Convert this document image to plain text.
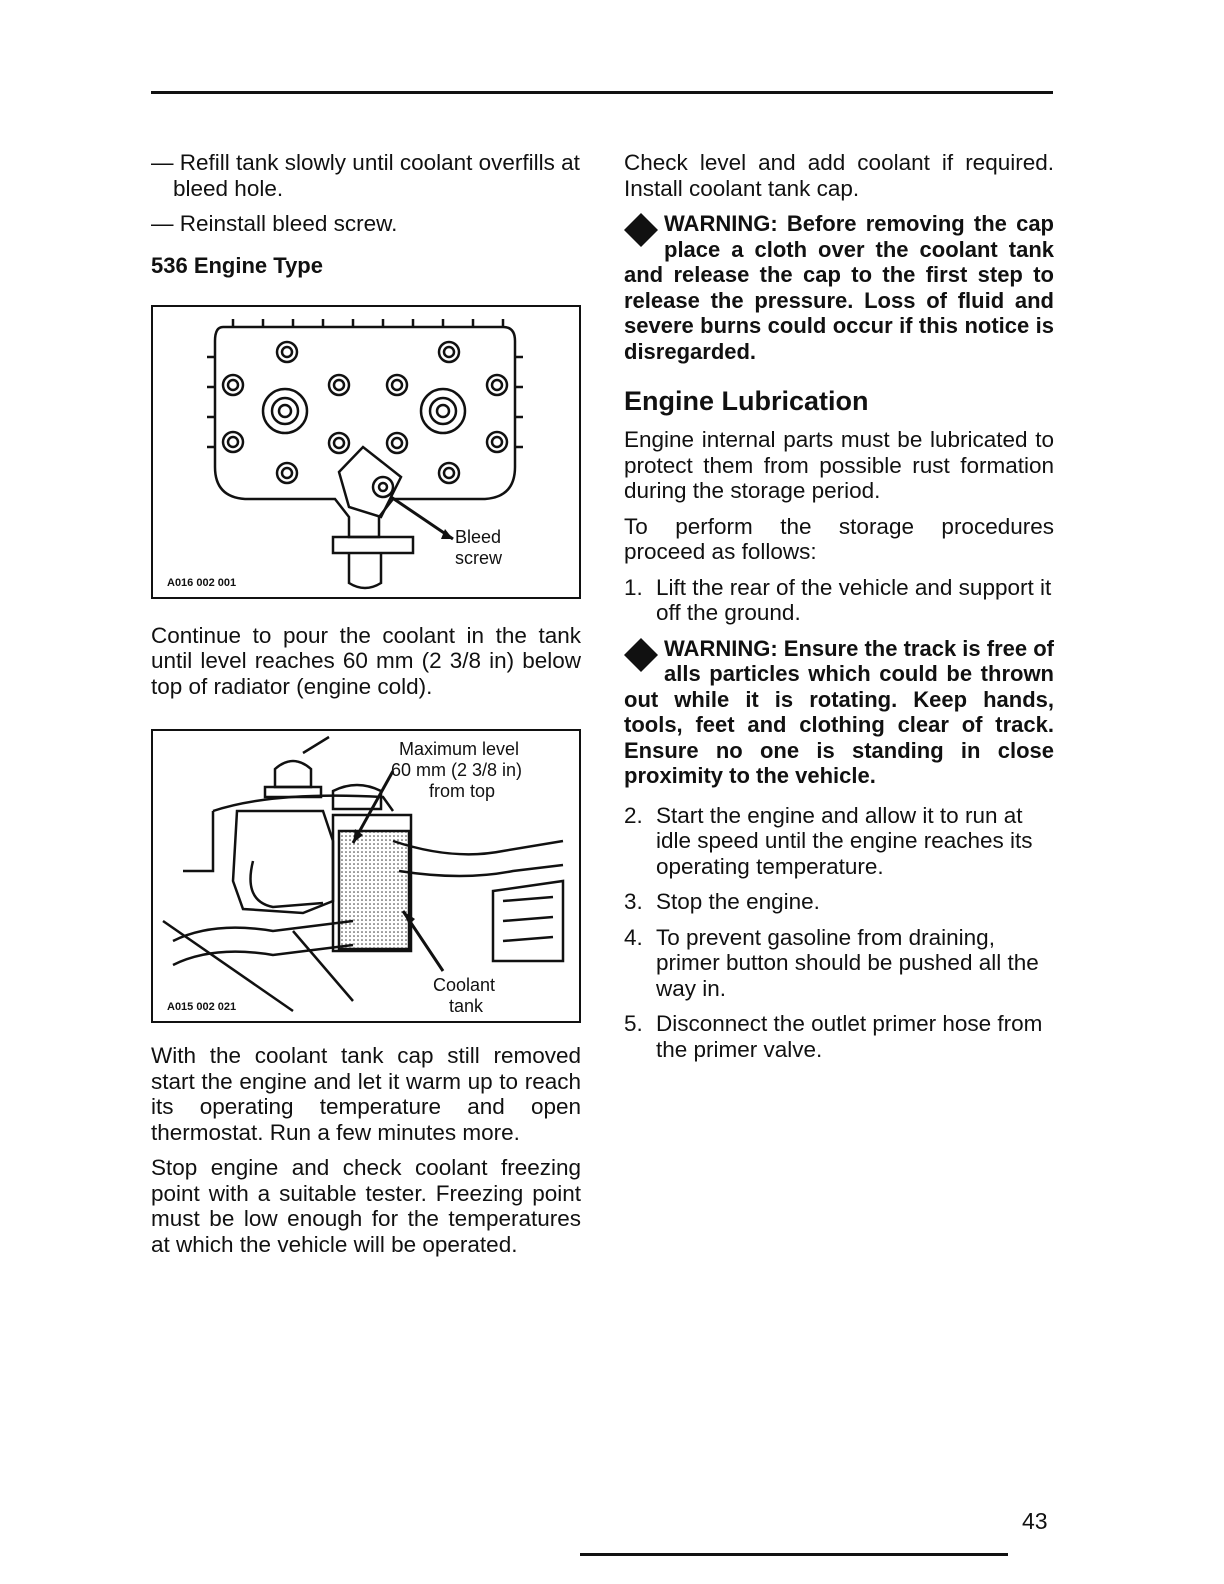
— Refill tank slowly until coolant overfills at bleed hole.

— Reinstall bleed screw.

536 Engine Type
Bleed
screw
A016 002 001

Continue to pour the coolant in the tank until level reaches 60 mm (2 3/8 in) below top of radiator (engine cold).

Maximum level
60 mm (2 3/8 in)
from top
Coolant
tank
A015 002 021

With the coolant tank cap still removed start the engine and let it warm up to reach its operating temperature and open thermostat. Run a few minutes more.

Stop engine and check coolant freezing point with a suitable tester. Freezing point must be low enough for the temperatures at which the vehicle will be operated.

Check level and add coolant if required. Install coolant tank cap.

WARNING: Before removing the cap place a cloth over the coolant tank and release the cap to the first step to release the pressure. Loss of fluid and severe burns could occur if this notice is disregarded.
Engine Lubrication

Engine internal parts must be lubricated to protect them from possible rust formation during the storage period.

To perform the storage procedures proceed as follows:

1. Lift the rear of the vehicle and support it off the ground.
WARNING: Ensure the track is free of alls particles which could be thrown out while it is rotating. Keep hands, tools, feet and clothing clear of track. Ensure no one is standing in close proximity to the vehicle.
2. Start the engine and allow it to run at idle speed until the engine reaches its operating temperature.
3. Stop the engine.
4. To prevent gasoline from draining, primer button should be pushed all the way in.
5. Disconnect the outlet primer hose from the primer valve.
43
